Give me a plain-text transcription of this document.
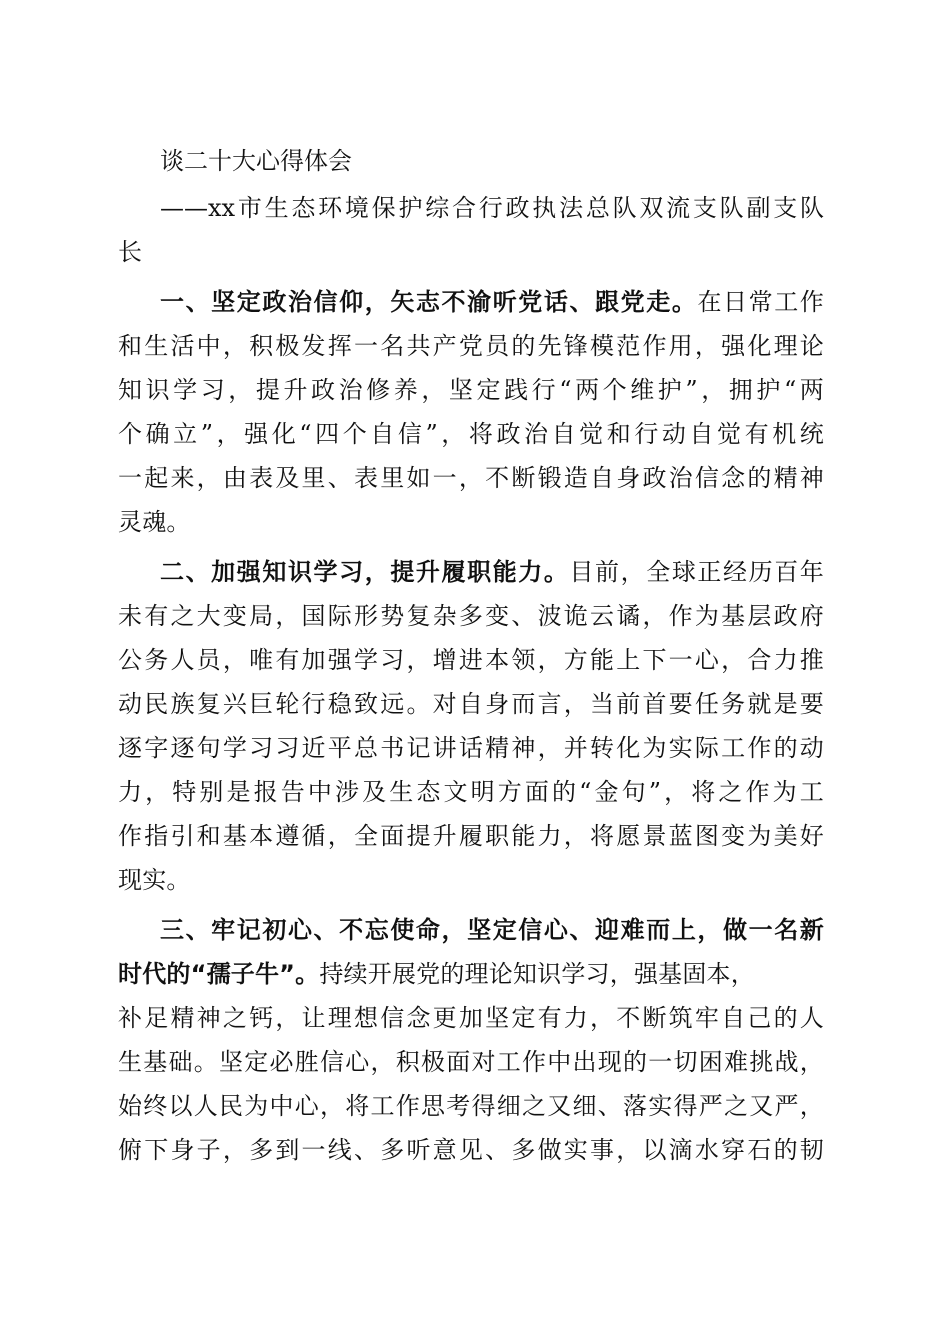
谈二十大心得体会
——xx市生态环境保护综合行政执法总队双流支队副支队
长
一、坚定政治信仰，矢志不渝听党话、跟党走。在日常工作
和生活中，积极发挥一名共产党员的先锋模范作用，强化理论
知识学习，提升政治修养，坚定践行“两个维护”，拥护“两
个确立”，强化“四个自信”，将政治自觉和行动自觉有机统
一起来，由表及里、表里如一，不断锻造自身政治信念的精神
灵魂。
二、加强知识学习，提升履职能力。目前，全球正经历百年
未有之大变局，国际形势复杂多变、波诡云谲，作为基层政府
公务人员，唯有加强学习，增进本领，方能上下一心，合力推
动民族复兴巨轮行稳致远。对自身而言，当前首要任务就是要
逐字逐句学习习近平总书记讲话精神，并转化为实际工作的动
力，特别是报告中涉及生态文明方面的“金句”，将之作为工
作指引和基本遵循，全面提升履职能力，将愿景蓝图变为美好
现实。
三、牢记初心、不忘使命，坚定信心、迎难而上，做一名新
时代的“孺子牛”。持续开展党的理论知识学习，强基固本，
补足精神之钙，让理想信念更加坚定有力，不断筑牢自己的人
生基础。坚定必胜信心，积极面对工作中出现的一切困难挑战，
始终以人民为中心，将工作思考得细之又细、落实得严之又严，
俯下身子，多到一线、多听意见、多做实事，以滴水穿石的韧
